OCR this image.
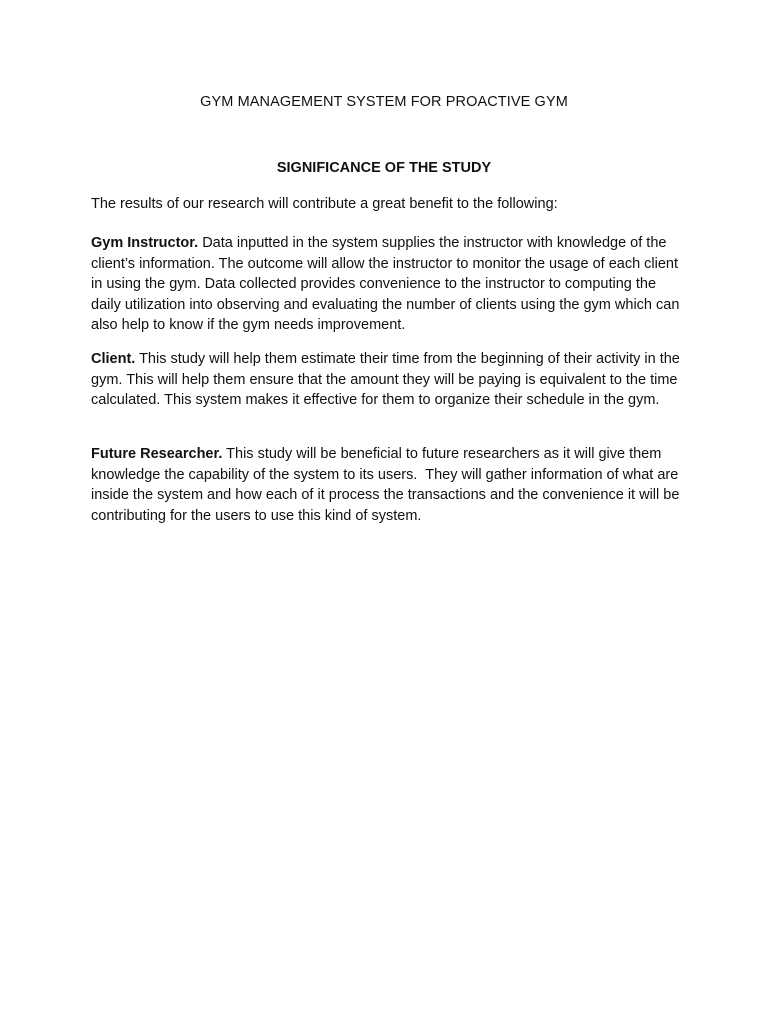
GYM MANAGEMENT SYSTEM FOR PROACTIVE GYM
SIGNIFICANCE OF THE STUDY

The results of our research will contribute a great benefit to the following:

Gym Instructor. Data inputted in the system supplies the instructor with knowledge of the client’s information. The outcome will allow the instructor to monitor the usage of each client in using the gym. Data collected provides convenience to the instructor to computing the daily utilization into observing and evaluating the number of clients using the gym which can also help to know if the gym needs improvement.

Client. This study will help them estimate their time from the beginning of their activity in the gym. This will help them ensure that the amount they will be paying is equivalent to the time calculated. This system makes it effective for them to organize their schedule in the gym.

Future Researcher. This study will be beneficial to future researchers as it will give them knowledge the capability of the system to its users.  They will gather information of what are inside the system and how each of it process the transactions and the convenience it will be contributing for the users to use this kind of system.
